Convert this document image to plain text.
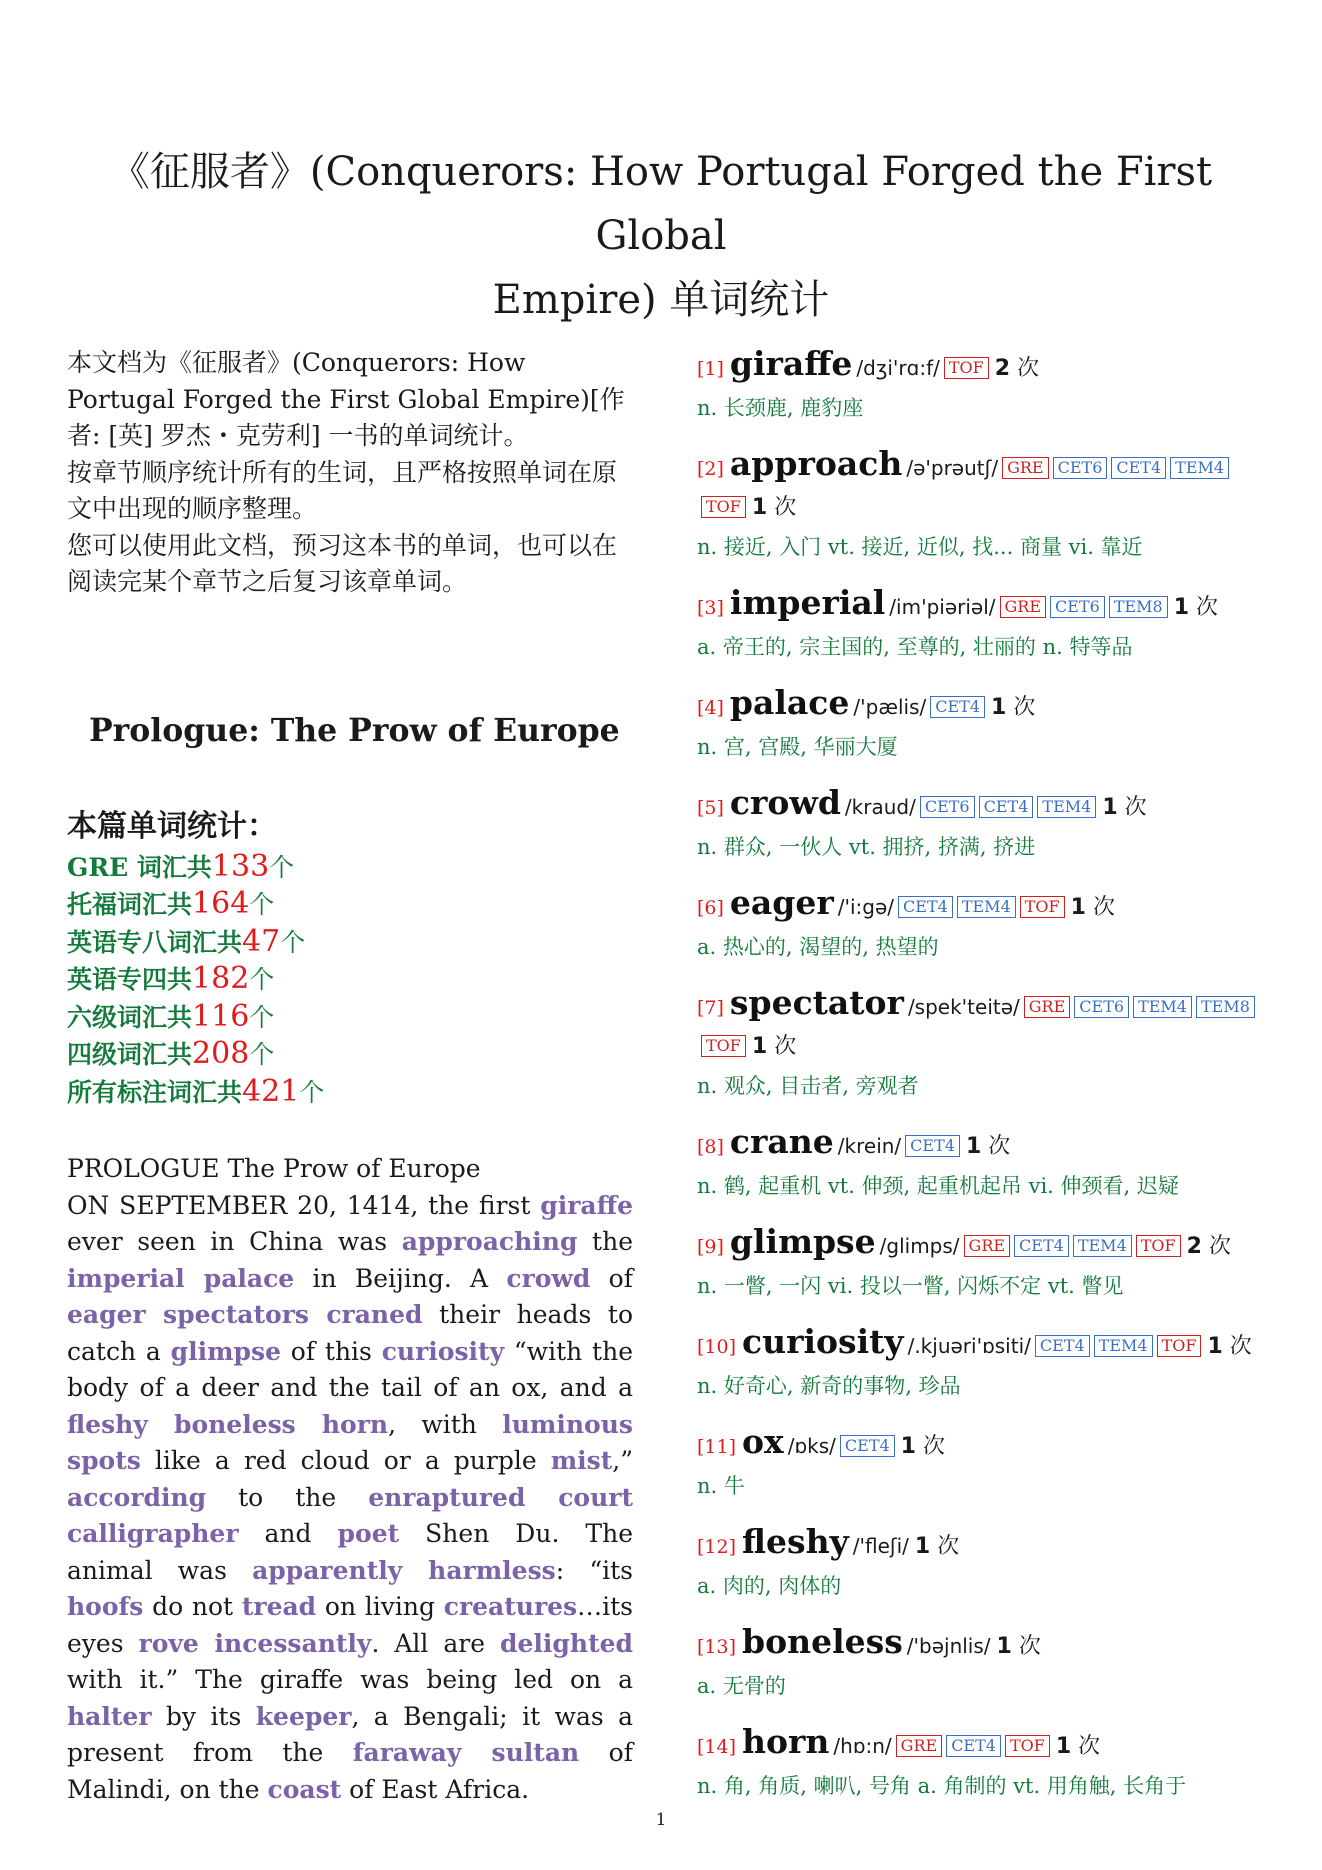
《征服者》(Conquerors: How Portugal Forged the First Global
Empire) 单词统计

本文档为《征服者》(Conquerors: How Portugal Forged the First Global Empire)[作者: [英] 罗杰・克劳利] 一书的单词统计。

按章节顺序统计所有的生词，且严格按照单词在原文中出现的顺序整理。

您可以使用此文档，预习这本书的单词，也可以在阅读完某个章节之后复习该章单词。

Prologue: The Prow of Europe
本篇单词统计：
GRE 词汇共133个
托福词汇共164个
英语专八词汇共47个
英语专四共182个
六级词汇共116个
四级词汇共208个
所有标注词汇共421个

PROLOGUE The Prow of Europe

ON SEPTEMBER 20, 1414, the first giraffe ever seen in China was approaching the imperial palace in Beijing. A crowd of eager spectators craned their heads to catch a glimpse of this curiosity “with the body of a deer and the tail of an ox, and a fleshy boneless horn, with luminous spots like a red cloud or a purple mist,” according to the enraptured court calligrapher and poet Shen Du. The animal was apparently harmless: “its hoofs do not tread on living creatures…its eyes rove incessantly. All are delighted with it.” The giraffe was being led on a halter by its keeper, a Bengali; it was a present from the faraway sultan of Malindi, on the coast of East Africa.

[1] giraffe /dʒi'rɑ:f/ TOF 2 次
n. 长颈鹿, 鹿豹座
[2] approach /ə'prəutʃ/ GRE CET6 CET4 TEM4TOF 1 次
n. 接近, 入门 vt. 接近, 近似, 找... 商量 vi. 靠近
[3] imperial /im'piəriəl/ GRE CET6 TEM8 1 次
a. 帝王的, 宗主国的, 至尊的, 壮丽的 n. 特等品
[4] palace /'pælis/ CET4 1 次
n. 宫, 宫殿, 华丽大厦
[5] crowd /kraud/ CET6 CET4 TEM4 1 次
n. 群众, 一伙人 vt. 拥挤, 挤满, 挤进
[6] eager /'i:gə/ CET4 TEM4 TOF 1 次
a. 热心的, 渴望的, 热望的
[7] spectator /spek'teitə/ GRE CET6 TEM4 TEM8TOF 1 次
n. 观众, 目击者, 旁观者
[8] crane /krein/ CET4 1 次
n. 鹤, 起重机 vt. 伸颈, 起重机起吊 vi. 伸颈看, 迟疑
[9] glimpse /glimps/ GRE CET4 TEM4 TOF 2 次
n. 一瞥, 一闪 vi. 投以一瞥, 闪烁不定 vt. 瞥见
[10] curiosity /.kjuəri'ɒsiti/ CET4 TEM4 TOF 1 次
n. 好奇心, 新奇的事物, 珍品
[11] ox /ɒks/ CET4 1 次
n. 牛
[12] fleshy /'fleʃi/ 1 次
a. 肉的, 肉体的
[13] boneless /'bəjnlis/ 1 次
a. 无骨的
[14] horn /hɒ:n/ GRE CET4 TOF 1 次
n. 角, 角质, 喇叭, 号角 a. 角制的 vt. 用角触, 长角于
1
